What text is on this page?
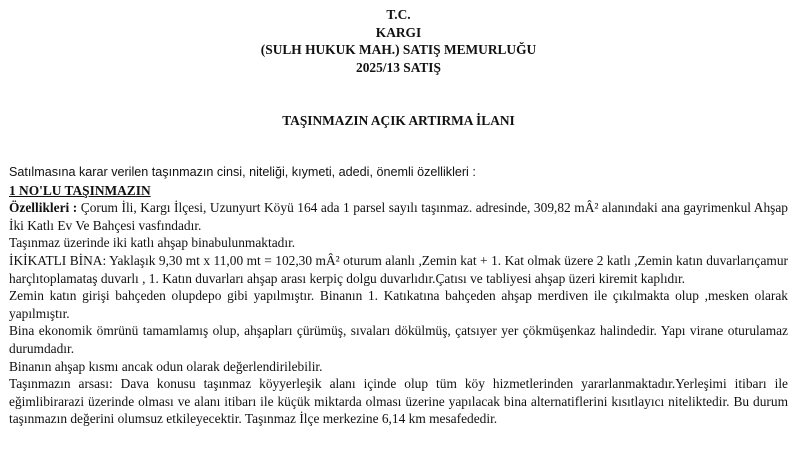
T.C.
KARGI
(SULH HUKUK MAH.) SATIŞ MEMURLUĞU
2025/13 SATIŞ
TAŞINMAZIN AÇIK ARTIRMA İLANI

Satılmasına karar verilen taşınmazın cinsi, niteliği, kıymeti, adedi, önemli özellikleri :

1 NO'LU TAŞINMAZIN

Özellikleri : Çorum İli, Kargı İlçesi, Uzunyurt Köyü 164 ada 1 parsel sayılı taşınmaz. adresinde, 309,82 mÂ² alanındaki ana gayrimenkul Ahşap İki Katlı Ev Ve Bahçesi vasfındadır.

Taşınmaz üzerinde iki katlı ahşap binabulunmaktadır.

İKİKATLI BİNA: Yaklaşık 9,30 mt x 11,00 mt = 102,30 mÂ² oturum alanlı ,Zemin kat + 1. Kat olmak üzere 2 katlı ,Zemin katın duvarlarıçamur harçlıtoplamataş duvarlı , 1. Katın duvarları ahşap arası kerpiç dolgu duvarlıdır.Çatısı ve tabliyesi ahşap üzeri kiremit kaplıdır.

Zemin katın girişi bahçeden olupdepo gibi yapılmıştır. Binanın 1. Katıkatına bahçeden ahşap merdiven ile çıkılmakta olup ,mesken olarak yapılmıştır.

Bina ekonomik ömrünü tamamlamış olup, ahşapları çürümüş, sıvaları dökülmüş, çatsıyer yer çökmüşenkaz halindedir. Yapı virane oturulamaz durumdadır.

Binanın ahşap kısmı ancak odun olarak değerlendirilebilir.

Taşınmazın arsası: Dava konusu taşınmaz köyyerleşik alanı içinde olup tüm köy hizmetlerinden yararlanmaktadır.Yerleşimi itibarı ile eğimlibirarazi üzerinde olması ve alanı itibarı ile küçük miktarda olması üzerine yapılacak bina alternatiflerini kısıtlayıcı niteliktedir. Bu durum taşınmazın değerini olumsuz etkileyecektir. Taşınmaz İlçe merkezine 6,14 km mesafededir.
